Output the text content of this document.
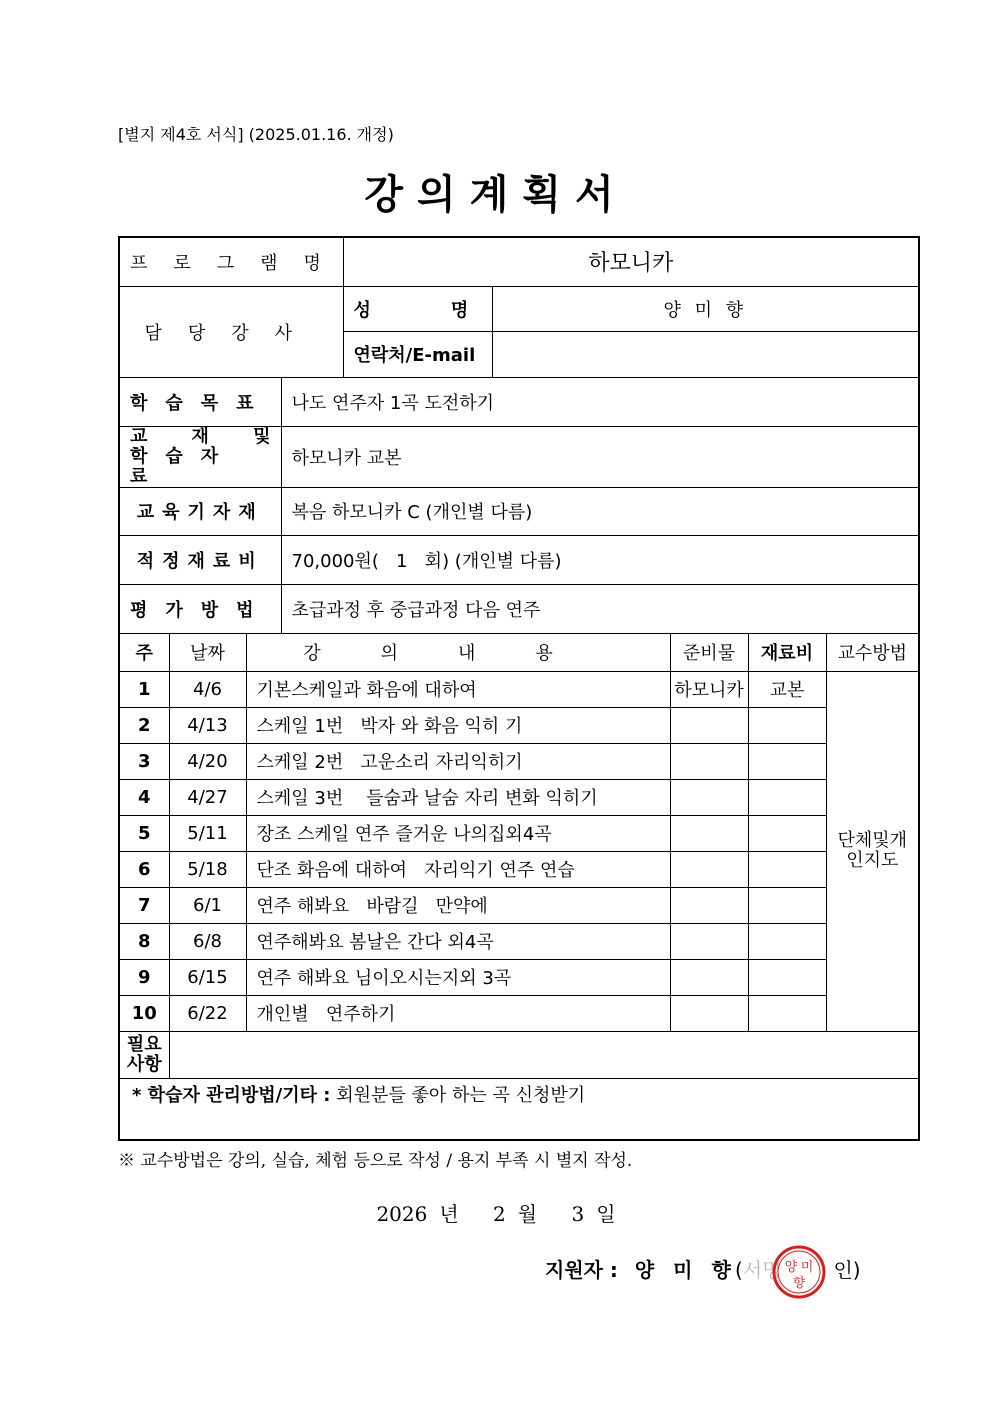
[별지 제4호 서식] (2025.01.16. 개정)
강의계획서
프로그램명				하모니카				
담당강사				성명	양 미 향			
				연락처/E-mail				
학습목표			나도 연주자 1곡 도전하기					

교 재 및
학습자료			하모니카 교본					
교육기자재			복음 하모니카 C (개인별 다름)					
적정재료비			70,000원(   1   회) (개인별 다름)					
평가방법			초급과정 후 중급과정 다음 연주					
주	날짜	강의내용				준비물	재료비	교수방법
1	4/6	기본스케일과 화음에 대하여				하모니카	교본	단체및개인지도
2	4/13	스케일 1번   박자 와 화음 익히 기						
3	4/20	스케일 2번   고운소리 자리익히기						
4	4/27	스케일 3번    들숨과 날숨 자리 변화 익히기						
5	5/11	장조 스케일 연주 즐거운 나의집외4곡						
6	5/18	단조 화음에 대하여   자리익기 연주 연습						
7	6/1	연주 해봐요   바람길   만약에						
8	6/8	연주해봐요 봄날은 간다 외4곡						
9	6/15	연주 해봐요 님이오시는지외 3곡						
10	6/22	개인별   연주하기						
필요사항								
* 학습자 관리방법/기타 : 회원분들 좋아 하는 곡 신청받기								
※ 교수방법은 강의, 실습, 체험 등으로 작성 / 용지 부족 시 별지 작성.
2026 년 2 월 3 일
지원자 : 양 미 향
(서명	인)
양 미
향
